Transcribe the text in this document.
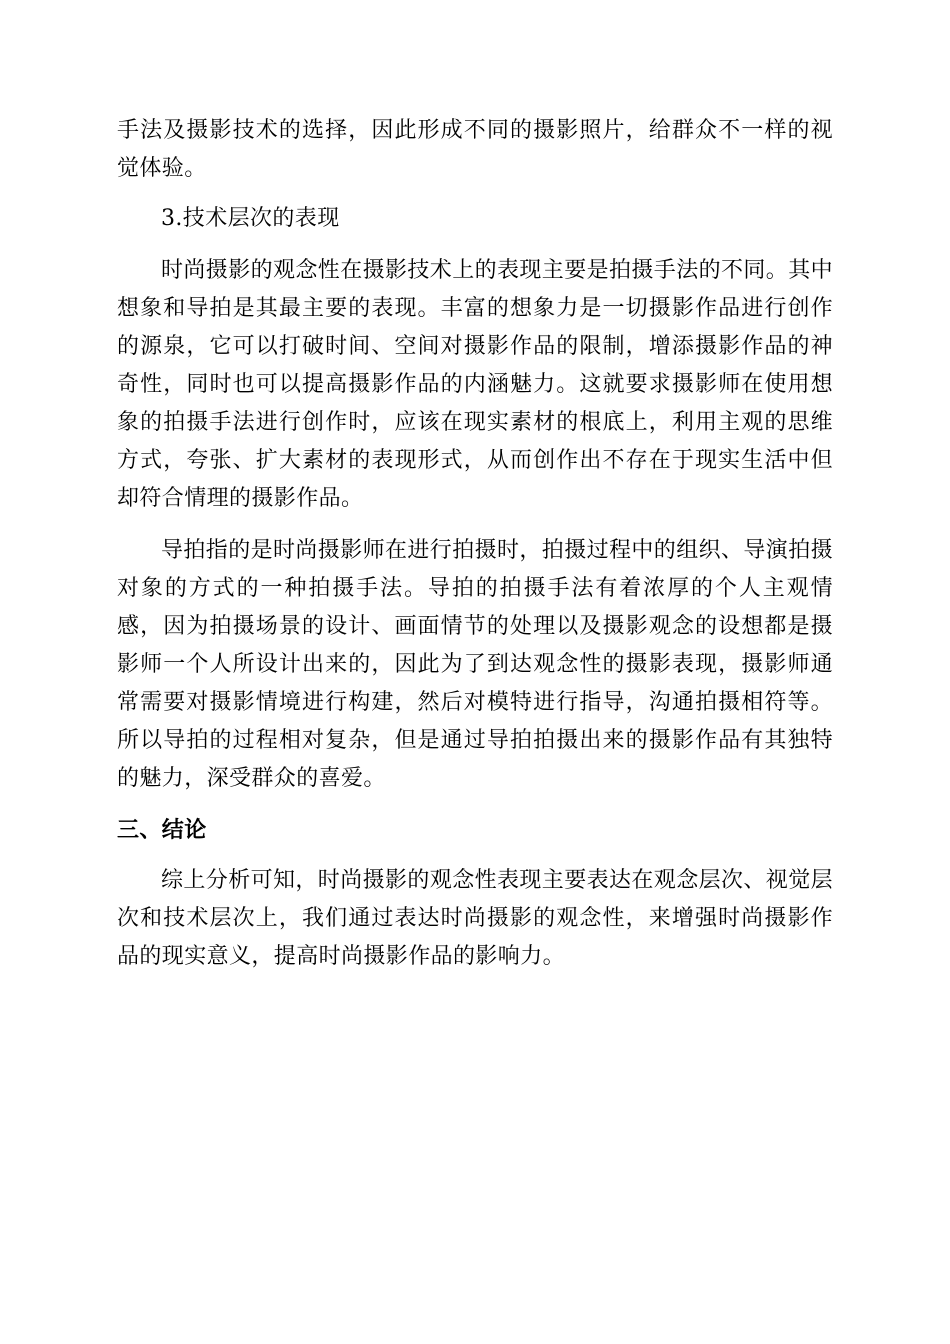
手法及摄影技术的选择，因此形成不同的摄影照片，给群众不一样的视觉体验。

3.技术层次的表现

时尚摄影的观念性在摄影技术上的表现主要是拍摄手法的不同。其中想象和导拍是其最主要的表现。丰富的想象力是一切摄影作品进行创作的源泉，它可以打破时间、空间对摄影作品的限制，增添摄影作品的神奇性，同时也可以提高摄影作品的内涵魅力。这就要求摄影师在使用想象的拍摄手法进行创作时，应该在现实素材的根底上，利用主观的思维方式，夸张、扩大素材的表现形式，从而创作出不存在于现实生活中但却符合情理的摄影作品。

导拍指的是时尚摄影师在进行拍摄时，拍摄过程中的组织、导演拍摄对象的方式的一种拍摄手法。导拍的拍摄手法有着浓厚的个人主观情感，因为拍摄场景的设计、画面情节的处理以及摄影观念的设想都是摄影师一个人所设计出来的，因此为了到达观念性的摄影表现，摄影师通常需要对摄影情境进行构建，然后对模特进行指导，沟通拍摄相符等。所以导拍的过程相对复杂，但是通过导拍拍摄出来的摄影作品有其独特的魅力，深受群众的喜爱。

三、结论

综上分析可知，时尚摄影的观念性表现主要表达在观念层次、视觉层次和技术层次上，我们通过表达时尚摄影的观念性，来增强时尚摄影作品的现实意义，提高时尚摄影作品的影响力。
